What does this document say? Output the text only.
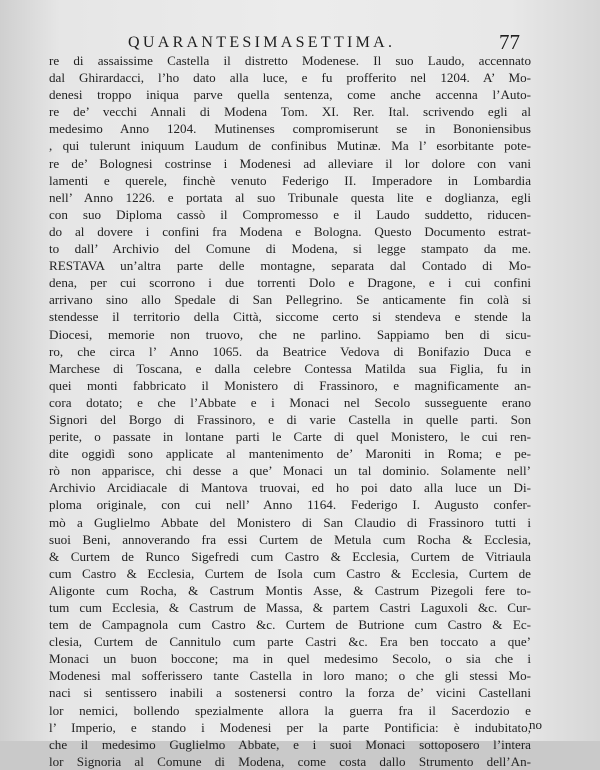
QUARANTESIMASETTIMA.	77
re di assaissime Castella il distretto Modenese. Il suo Laudo, accennato
dal Ghirardacci, l’ho dato alla luce, e fu profferito nel 1204. A’ Mo-
denesi troppo iniqua parve quella sentenza, come anche accenna l’Auto-
re de’ vecchi Annali di Modena Tom. XI. Rer. Ital. scrivendo egli al
medesimo Anno 1204. Mutinenses compromiserunt se in Bononiensibus
, qui tulerunt iniquum Laudum de confinibus Mutinæ. Ma l’ esorbitante pote-
re de’ Bolognesi costrinse i Modenesi ad alleviare il lor dolore con vani
lamenti e querele, finchè venuto Federigo II. Imperadore in Lombardia
nell’ Anno 1226. e portata al suo Tribunale questa lite e doglianza, egli
con suo Diploma cassò il Compromesso e il Laudo suddetto, riducen-
do al dovere i confini fra Modena e Bologna. Questo Documento estrat-
to dall’ Archivio del Comune di Modena, si legge stampato da me.
RESTAVA un’altra parte delle montagne, separata dal Contado di Mo-
dena, per cui scorrono i due torrenti Dolo e Dragone, e i cui confini
arrivano sino allo Spedale di San Pellegrino. Se anticamente fin colà si
stendesse il territorio della Città, siccome certo si stendeva e stende la
Diocesi, memorie non truovo, che ne parlino. Sappiamo ben di sicu-
ro, che circa l’ Anno 1065. da Beatrice Vedova di Bonifazio Duca e
Marchese di Toscana, e dalla celebre Contessa Matilda sua Figlia, fu in
quei monti fabbricato il Monistero di Frassinoro, e magnificamente an-
cora dotato; e che l’Abbate e i Monaci nel Secolo susseguente erano
Signori del Borgo di Frassinoro, e di varie Castella in quelle parti. Son
perite, o passate in lontane parti le Carte di quel Monistero, le cui ren-
dite oggidì sono applicate al mantenimento de’ Maroniti in Roma; e pe-
rò non apparisce, chi desse a que’ Monaci un tal dominio. Solamente nell’
Archivio Arcidiacale di Mantova truovai, ed ho poi dato alla luce un Di-
ploma originale, con cui nell’ Anno 1164. Federigo I. Augusto confer-
mò a Guglielmo Abbate del Monistero di San Claudio di Frassinoro tutti i
suoi Beni, annoverando fra essi Curtem de Metula cum Rocha & Ecclesia,
& Curtem de Runco Sigefredi cum Castro & Ecclesia, Curtem de Vitriaula
cum Castro & Ecclesia, Curtem de Isola cum Castro & Ecclesia, Curtem de
Aligonte cum Rocha, & Castrum Montis Asse, & Castrum Pizegoli fere to-
tum cum Ecclesia, & Castrum de Massa, & partem Castri Laguxoli &c. Cur-
tem de Campagnola cum Castro &c. Curtem de Butrione cum Castro & Ec-
clesia, Curtem de Cannitulo cum parte Castri &c. Era ben toccato a que’
Monaci un buon boccone; ma in quel medesimo Secolo, o sia che i
Modenesi mal sofferissero tante Castella in loro mano; o che gli stessi Mo-
naci si sentissero inabili a sostenersi contro la forza de’ vicini Castellani
lor nemici, bollendo spezialmente allora la guerra fra il Sacerdozio e
l’ Imperio, e stando i Modenesi per la parte Pontificia: è indubitato,
che il medesimo Guglielmo Abbate, e i suoi Monaci sottoposero l’intera
lor Signoria al Comune di Modena, come costa dallo Strumento dell’An-
no
